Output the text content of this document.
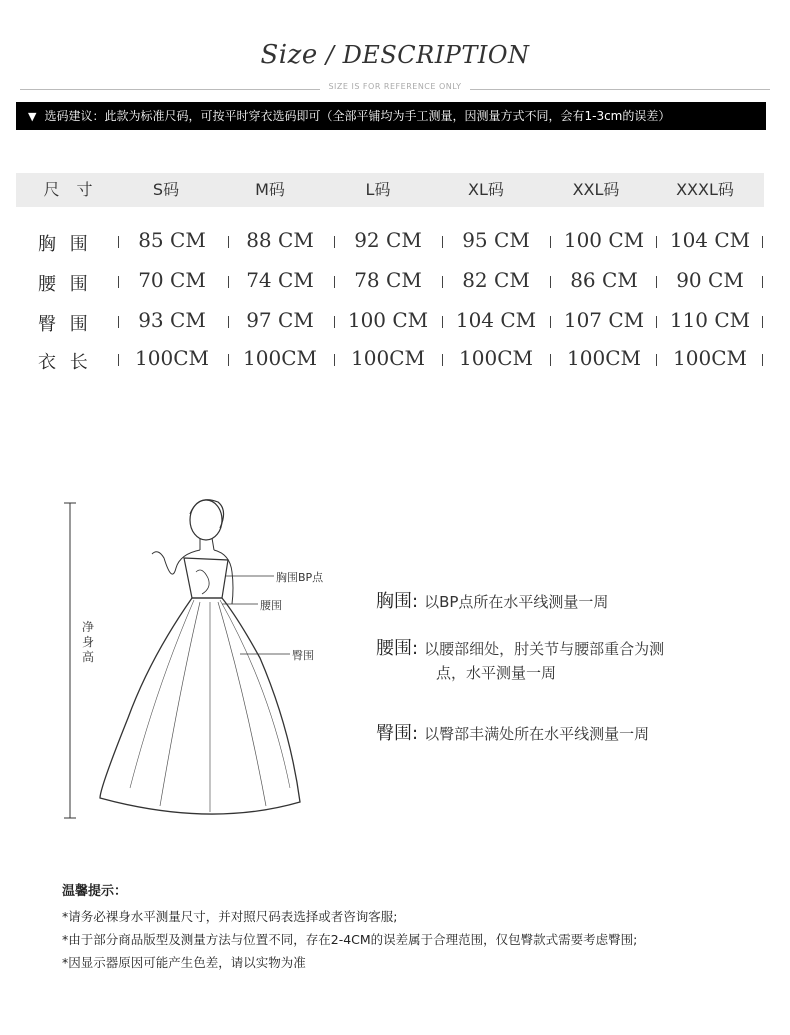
Size / DESCRIPTION
SIZE IS FOR REFERENCE ONLY
▼ 选码建议：此款为标准尺码，可按平时穿衣选码即可（全部平铺均为手工测量，因测量方式不同，会有1-3cm的误差）
尺 寸	S码	M码	L码	XL码	XXL码	XXXL码
胸 围	85 CM	88 CM	92 CM	95 CM	100 CM	104 CM
腰 围	70 CM	74 CM	78 CM	82 CM	86 CM	90 CM
臀 围	93 CM	97 CM	100 CM	104 CM	107 CM	110 CM
衣 长	100CM	100CM	100CM	100CM	100CM	100CM
净身高
胸围BP点
腰围
臀围
胸围: 以BP点所在水平线测量一周
腰围: 以腰部细处，肘关节与腰部重合为测
点，水平测量一周
臀围: 以臀部丰满处所在水平线测量一周
温馨提示：
*请务必裸身水平测量尺寸，并对照尺码表选择或者咨询客服;
*由于部分商品版型及测量方法与位置不同，存在2-4CM的误差属于合理范围，仅包臀款式需要考虑臀围;
*因显示器原因可能产生色差，请以实物为准
